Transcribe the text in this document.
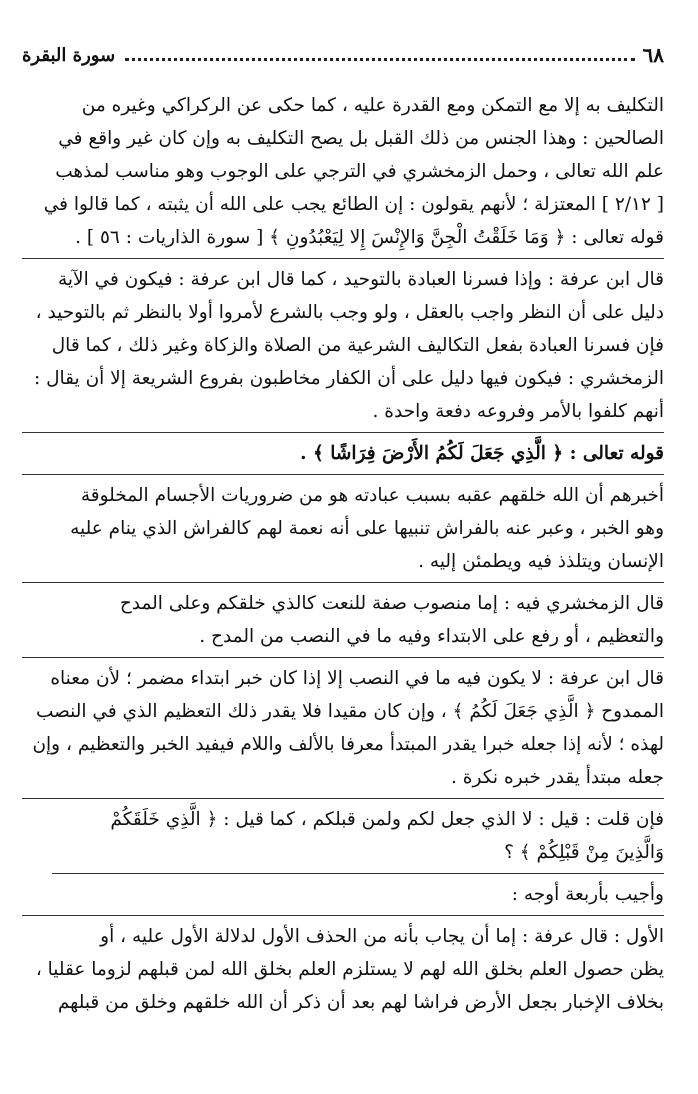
٦٨
سورة البقرة

التكليف به إلا مع التمكن ومع القدرة عليه ، كما حكى عن الركراكي وغيره من

الصالحين : وهذا الجنس من ذلك القبل بل يصح التكليف به وإن كان غير واقع في

علم الله تعالى ، وحمل الزمخشري في الترجي على الوجوب وهو مناسب لمذهب

[ ٢/١٢ ] المعتزلة ؛ لأنهم يقولون : إن الطائع يجب على الله أن يثبته ، كما قالوا في

قوله تعالى : ﴿ وَمَا خَلَقْتُ الْجِنَّ وَالإِنْسَ إِلا لِيَعْبُدُونِ ﴾ [ سورة الذاريات : ٥٦ ] .

قال ابن عرفة : وإذا فسرنا العبادة بالتوحيد ، كما قال ابن عرفة : فيكون في الآية

دليل على أن النظر واجب بالعقل ، ولو وجب بالشرع لأمروا أولا بالنظر ثم بالتوحيد ،

فإن فسرنا العبادة بفعل التكاليف الشرعية من الصلاة والزكاة وغير ذلك ، كما قال

الزمخشري : فيكون فيها دليل على أن الكفار مخاطبون بفروع الشريعة إلا أن يقال :

أنهم كلفوا بالأمر وفروعه دفعة واحدة .

قوله تعالى : ﴿ الَّذِي جَعَلَ لَكُمُ الأَرْضَ فِرَاشًا ﴾ .

أخبرهم أن الله خلقهم عقبه بسبب عبادته هو من ضروريات الأجسام المخلوقة

وهو الخبر ، وعبر عنه بالفراش تنبيها على أنه نعمة لهم كالفراش الذي ينام عليه

الإنسان ويتلذذ فيه ويطمئن إليه .

قال الزمخشري فيه : إما منصوب صفة للنعت كالذي خلقكم وعلى المدح

والتعظيم ، أو رفع على الابتداء وفيه ما في النصب من المدح .

قال ابن عرفة : لا يكون فيه ما في النصب إلا إذا كان خبر ابتداء مضمر ؛ لأن معناه

الممدوح ﴿ الَّذِي جَعَلَ لَكُمُ ﴾ ، وإن كان مقيدا فلا يقدر ذلك التعظيم الذي في النصب

لهذه ؛ لأنه إذا جعله خبرا يقدر المبتدأ معرفا بالألف واللام فيفيد الخبر والتعظيم ، وإن

جعله مبتدأ يقدر خبره نكرة .

فإن قلت : قيل : لا الذي جعل لكم ولمن قبلكم ، كما قيل : ﴿ الَّذِي خَلَقَكُمْ

وَالَّذِينَ مِنْ قَبْلِكُمْ ﴾ ؟

وأجيب بأربعة أوجه :

الأول : قال عرفة : إما أن يجاب بأنه من الحذف الأول لدلالة الأول عليه ، أو

يظن حصول العلم بخلق الله لهم لا يستلزم العلم بخلق الله لمن قبلهم لزوما عقليا ،

بخلاف الإخبار بجعل الأرض فراشا لهم بعد أن ذكر أن الله خلقهم وخلق من قبلهم
